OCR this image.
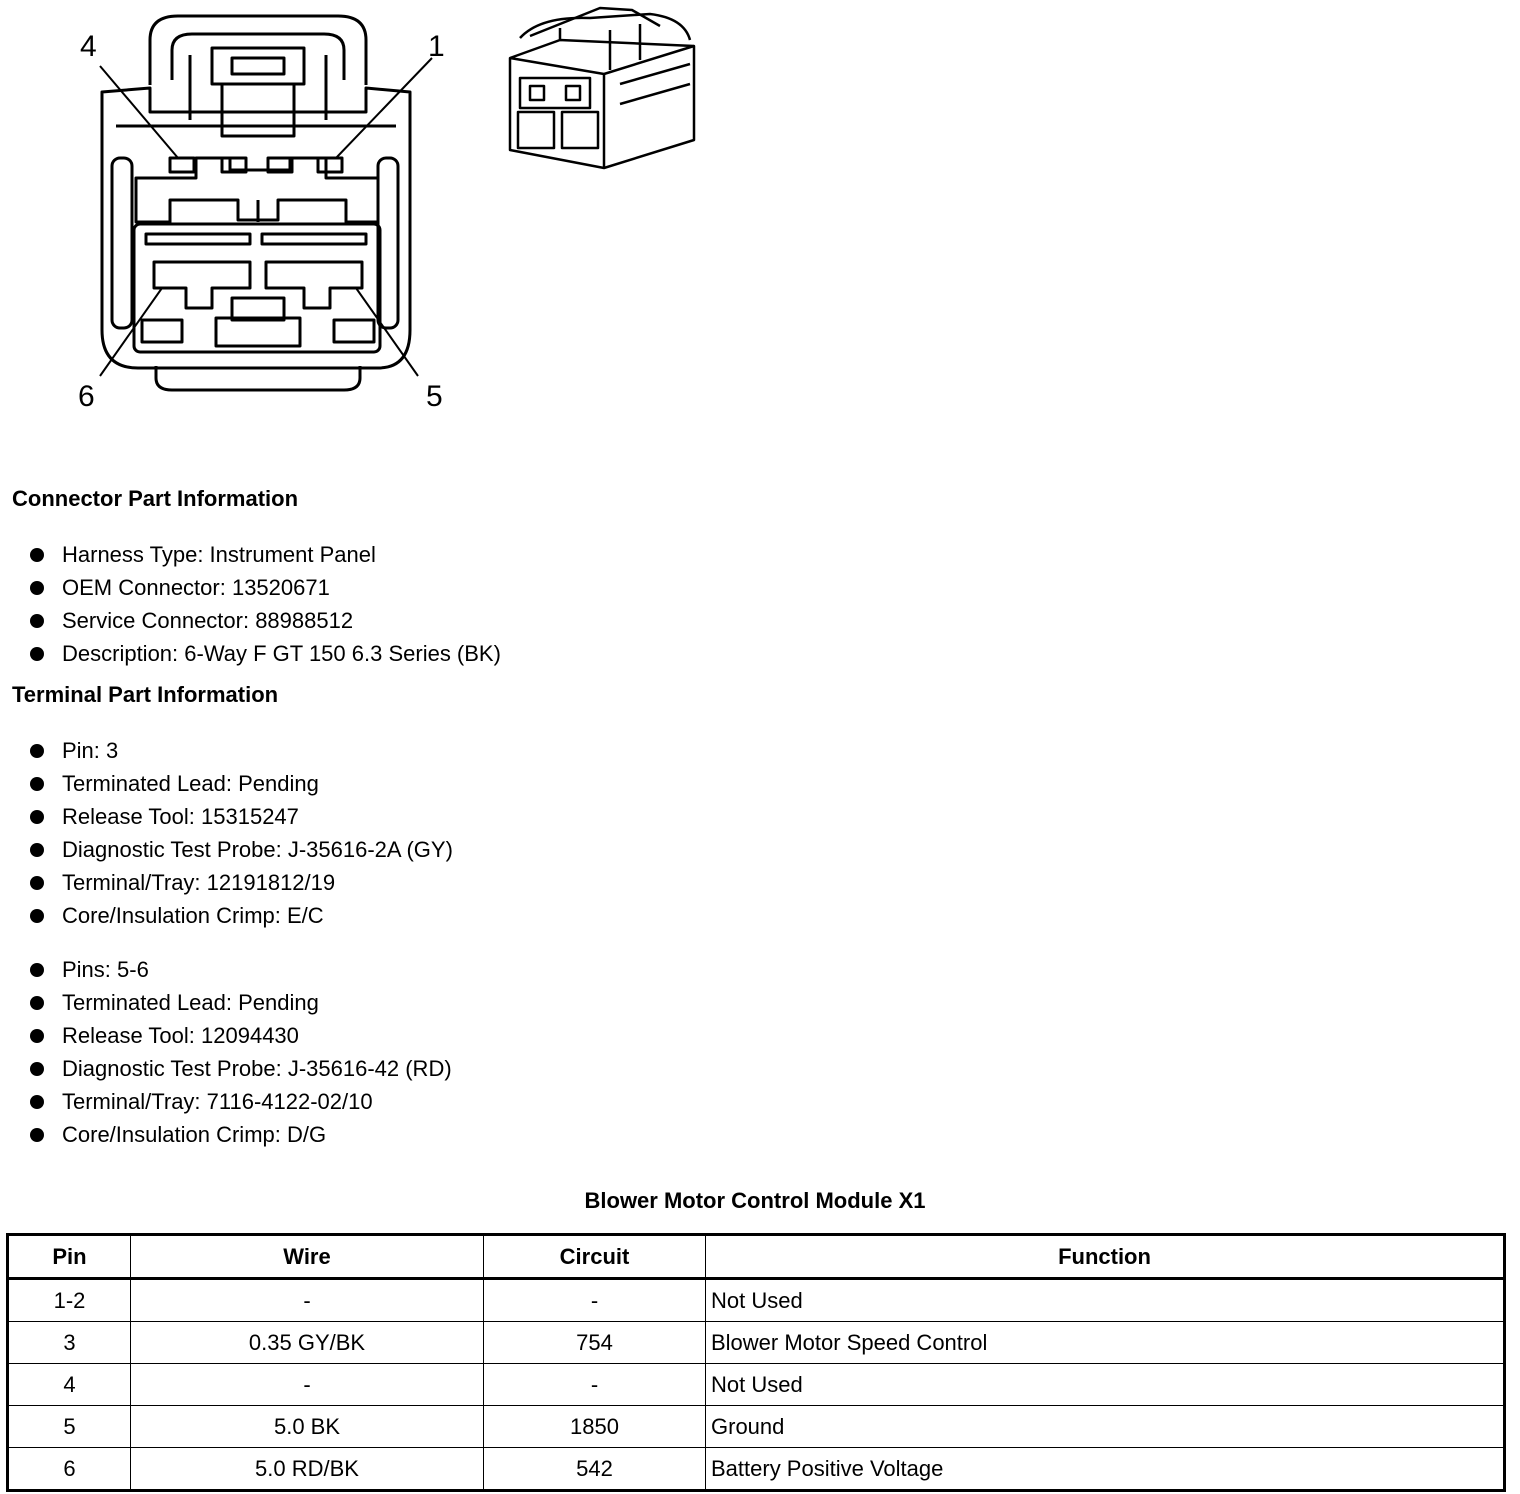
4	1
6	5
Connector Part Information
Harness Type: Instrument Panel
OEM Connector: 13520671
Service Connector: 88988512
Description: 6-Way F GT 150 6.3 Series (BK)
Terminal Part Information
Pin: 3
Terminated Lead: Pending
Release Tool: 15315247
Diagnostic Test Probe: J-35616-2A (GY)
Terminal/Tray: 12191812/19
Core/Insulation Crimp: E/C
Pins: 5-6
Terminated Lead: Pending
Release Tool: 12094430
Diagnostic Test Probe: J-35616-42 (RD)
Terminal/Tray: 7116-4122-02/10
Core/Insulation Crimp: D/G
Blower Motor Control Module X1
Pin	Wire	Circuit	Function
1-2	-	-	Not Used
3	0.35 GY/BK	754	Blower Motor Speed Control
4	-	-	Not Used
5	5.0 BK	1850	Ground
6	5.0 RD/BK	542	Battery Positive Voltage
